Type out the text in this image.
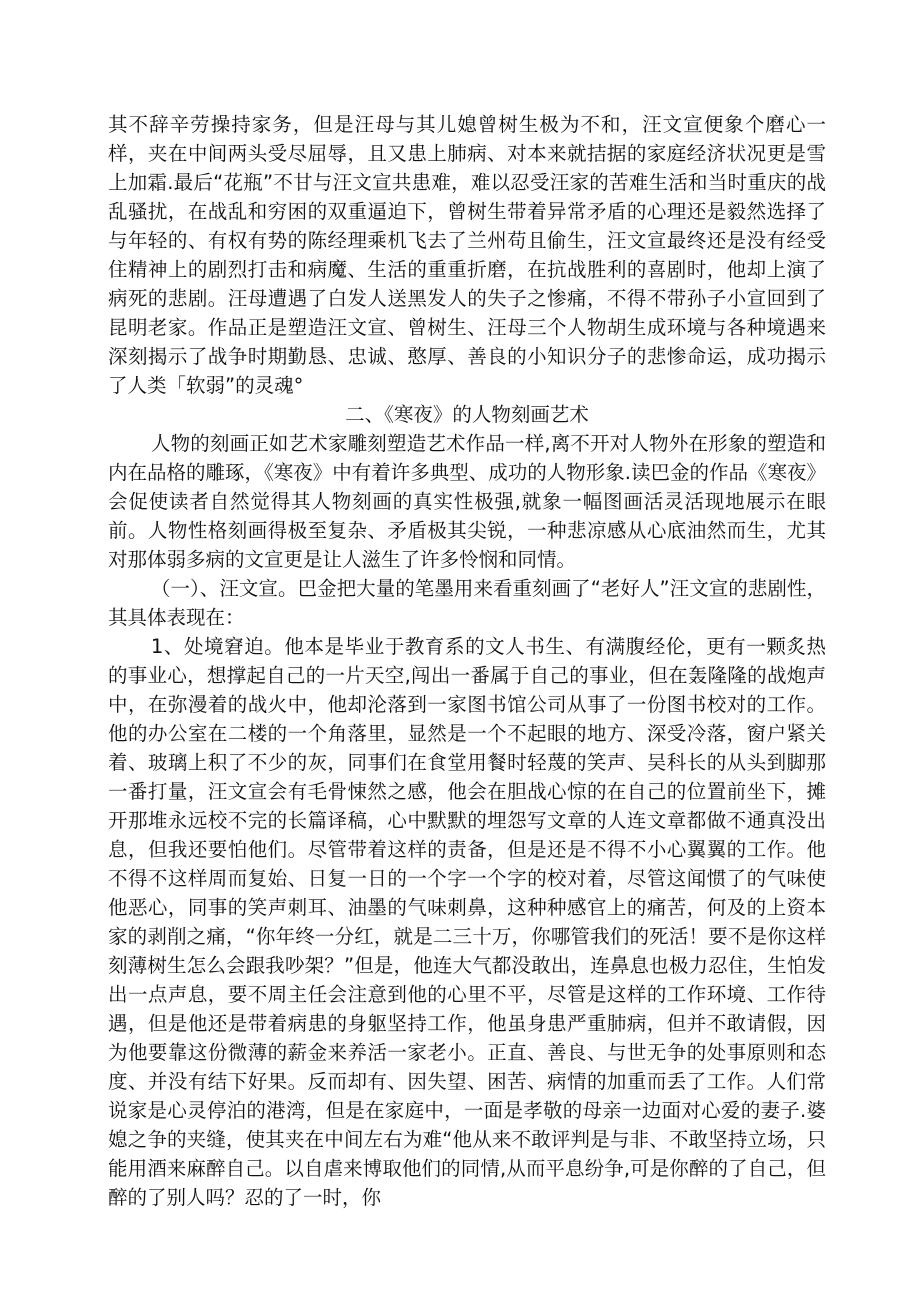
其不辞辛劳操持家务，但是汪母与其儿媳曾树生极为不和，汪文宣便象个磨心一样，夹在中间两头受尽屈辱，且又患上肺病、对本来就拮据的家庭经济状况更是雪上加霜.最后“花瓶”不甘与汪文宣共患难，难以忍受汪家的苦难生活和当时重庆的战乱骚扰，在战乱和穷困的双重逼迫下，曾树生带着异常矛盾的心理还是毅然选择了与年轻的、有权有势的陈经理乘机飞去了兰州苟且偷生，汪文宣最终还是没有经受住精神上的剧烈打击和病魔、生活的重重折磨，在抗战胜利的喜剧时，他却上演了病死的悲剧。汪母遭遇了白发人送黑发人的失子之惨痛，不得不带孙子小宣回到了昆明老家。作品正是塑造汪文宣、曾树生、汪母三个人物胡生成环境与各种境遇来深刻揭示了战争时期勤恳、忠诚、憨厚、善良的小知识分子的悲惨命运，成功揭示了人类「软弱”的灵魂°

二、《寒夜》的人物刻画艺术

人物的刻画正如艺术家雕刻塑造艺术作品一样,离不开对人物外在形象的塑造和内在品格的雕琢，《寒夜》中有着许多典型、成功的人物形象.读巴金的作品《寒夜》会促使读者自然觉得其人物刻画的真实性极强,就象一幅图画活灵活现地展示在眼前。人物性格刻画得极至复杂、矛盾极其尖锐，一种悲凉感从心底油然而生，尤其对那体弱多病的文宣更是让人滋生了许多怜悯和同情。

（一）、汪文宣。巴金把大量的笔墨用来看重刻画了“老好人”汪文宣的悲剧性，其具体表现在：

1、处境窘迫。他本是毕业于教育系的文人书生、有满腹经伦，更有一颗炙热的事业心，想撑起自己的一片天空,闯出一番属于自己的事业，但在轰隆隆的战炮声中，在弥漫着的战火中，他却沦落到一家图书馆公司从事了一份图书校对的工作。他的办公室在二楼的一个角落里，显然是一个不起眼的地方、深受冷落，窗户紧关着、玻璃上积了不少的灰，同事们在食堂用餐时轻蔑的笑声、吴科长的从头到脚那一番打量，汪文宣会有毛骨悚然之感，他会在胆战心惊的在自己的位置前坐下，摊开那堆永远校不完的长篇译稿，心中默默的埋怨写文章的人连文章都做不通真没出息，但我还要怕他们。尽管带着这样的责备，但是还是不得不小心翼翼的工作。他不得不这样周而复始、日复一日的一个字一个字的校对着，尽管这闻惯了的气味使他恶心，同事的笑声刺耳、油墨的气味刺鼻，这种种感官上的痛苦，何及的上资本家的剥削之痛，“你年终一分红，就是二三十万，你哪管我们的死活！要不是你这样刻薄树生怎么会跟我吵架？”但是，他连大气都没敢出，连鼻息也极力忍住，生怕发出一点声息，要不周主任会注意到他的心里不平，尽管是这样的工作环境、工作待遇，但是他还是带着病患的身躯坚持工作，他虽身患严重肺病，但并不敢请假，因为他要靠这份微薄的薪金来养活一家老小。正直、善良、与世无争的处事原则和态度、并没有结下好果。反而却有、因失望、困苦、病情的加重而丢了工作。人们常说家是心灵停泊的港湾，但是在家庭中，一面是孝敬的母亲一边面对心爱的妻子.婆媳之争的夹缝，使其夹在中间左右为难“他从来不敢评判是与非、不敢坚持立场，只能用酒来麻醉自己。以自虐来博取他们的同情,从而平息纷争,可是你醉的了自己，但醉的了别人吗？忍的了一时，你
